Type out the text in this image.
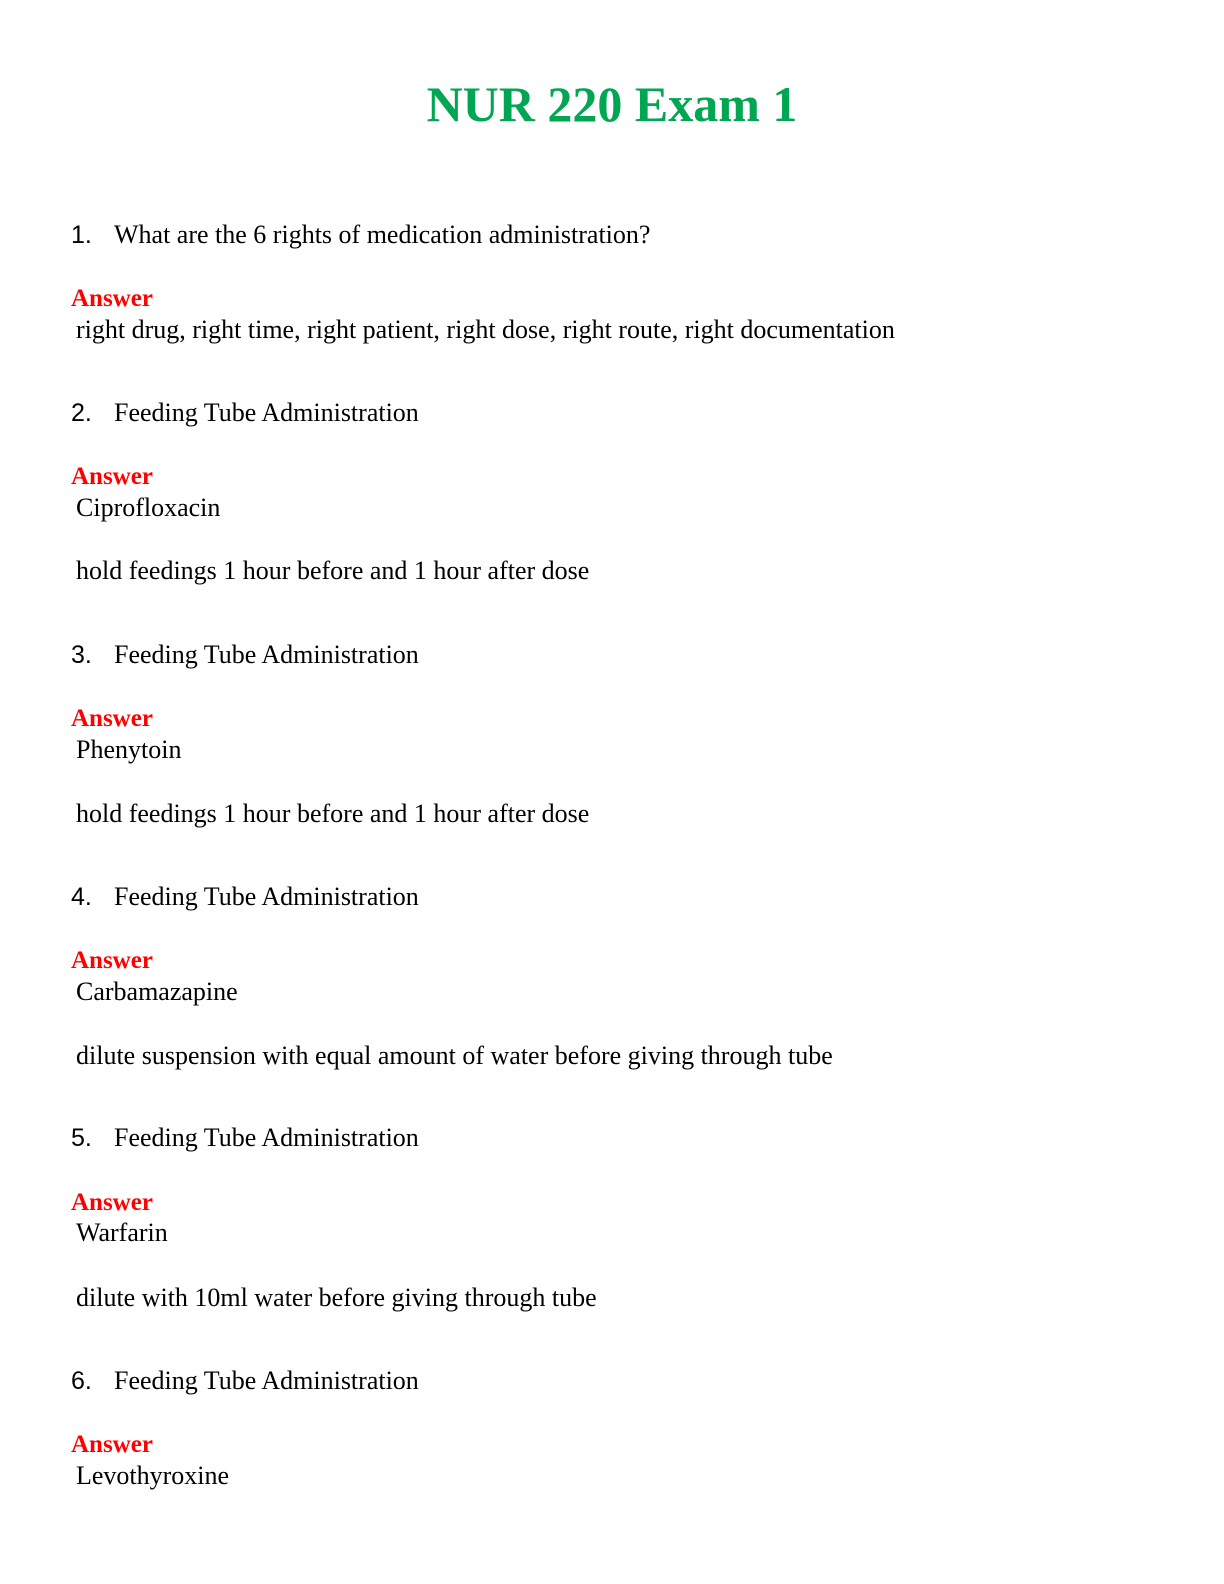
NUR 220 Exam 1
1. What are the 6 rights of medication administration?
Answer
right drug, right time, right patient, right dose, right route, right documentation
2. Feeding Tube Administration
Answer
Ciprofloxacin
hold feedings 1 hour before and 1 hour after dose
3. Feeding Tube Administration
Answer
Phenytoin
hold feedings 1 hour before and 1 hour after dose
4. Feeding Tube Administration
Answer
Carbamazapine
dilute suspension with equal amount of water before giving through tube
5. Feeding Tube Administration
Answer
Warfarin
dilute with 10ml water before giving through tube
6. Feeding Tube Administration
Answer
Levothyroxine
